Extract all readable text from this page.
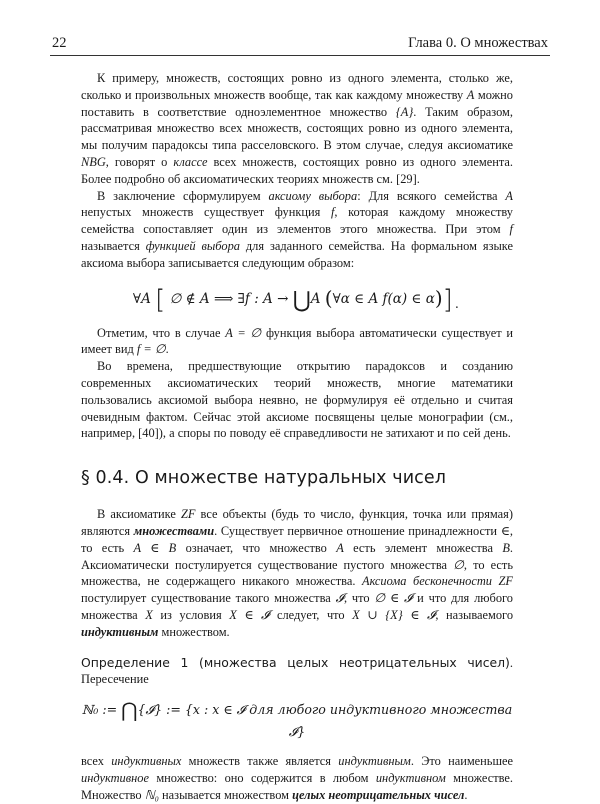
22	Глава 0. О множествах

К примеру, множеств, состоящих ровно из одного элемента, столько же, сколько и произвольных множеств вообще, так как каждому множеству A можно поставить в соответствие одноэлементное множество {A}. Таким образом, рассматривая множество всех множеств, состоящих ровно из одного элемента, мы получим парадоксы типа расселовского. В этом случае, следуя аксиоматике NBG, говорят о классе всех множеств, состоящих ровно из одного элемента. Более подробно об аксиоматических теориях множеств см. [29].

В заключение сформулируем аксиому выбора: Для всякого семейства A непустых множеств существует функция f, которая каждому множеству семейства сопоставляет один из элементов этого множества. При этом f называется функцией выбора для заданного семейства. На формальном языке аксиома выбора записывается следующим образом:

∀A [ ∅ ∉ A ⟹ ∃f : A → ⋃A (∀α ∈ A f(α) ∈ α)].

Отметим, что в случае A = ∅ функция выбора автоматически существует и имеет вид f = ∅.

Во времена, предшествующие открытию парадоксов и созданию современных аксиоматических теорий множеств, многие математики пользовались аксиомой выбора неявно, не формулируя её отдельно и считая очевидным фактом. Сейчас этой аксиоме посвящены целые монографии (см., например, [40]), а споры по поводу её справедливости не затихают и по сей день.

§ 0.4. О множестве натуральных чисел

В аксиоматике ZF все объекты (будь то число, функция, точка или прямая) являются множествами. Существует первичное отношение принадлежности ∈, то есть A ∈ B означает, что множество A есть элемент множества B. Аксиоматически постулируется существование пустого множества ∅, то есть множества, не содержащего никакого множества. Аксиома бесконечности ZF постулирует существование такого множества 𝓘, что ∅ ∈ 𝓘 и что для любого множества X из условия X ∈ 𝓘 следует, что X ∪ {X} ∈ 𝓘, называемого индуктивным множеством.

Определение 1 (множества целых неотрицательных чисел). Пересечение

ℕ₀ := ⋂{𝓘} := {x : x ∈ 𝓘 для любого индуктивного множества 𝓘}

всех индуктивных множеств также является индуктивным. Это наименьшее индуктивное множество: оно содержится в любом индуктивном множестве. Множество ℕ₀ называется множеством целых неотрицательных чисел.
